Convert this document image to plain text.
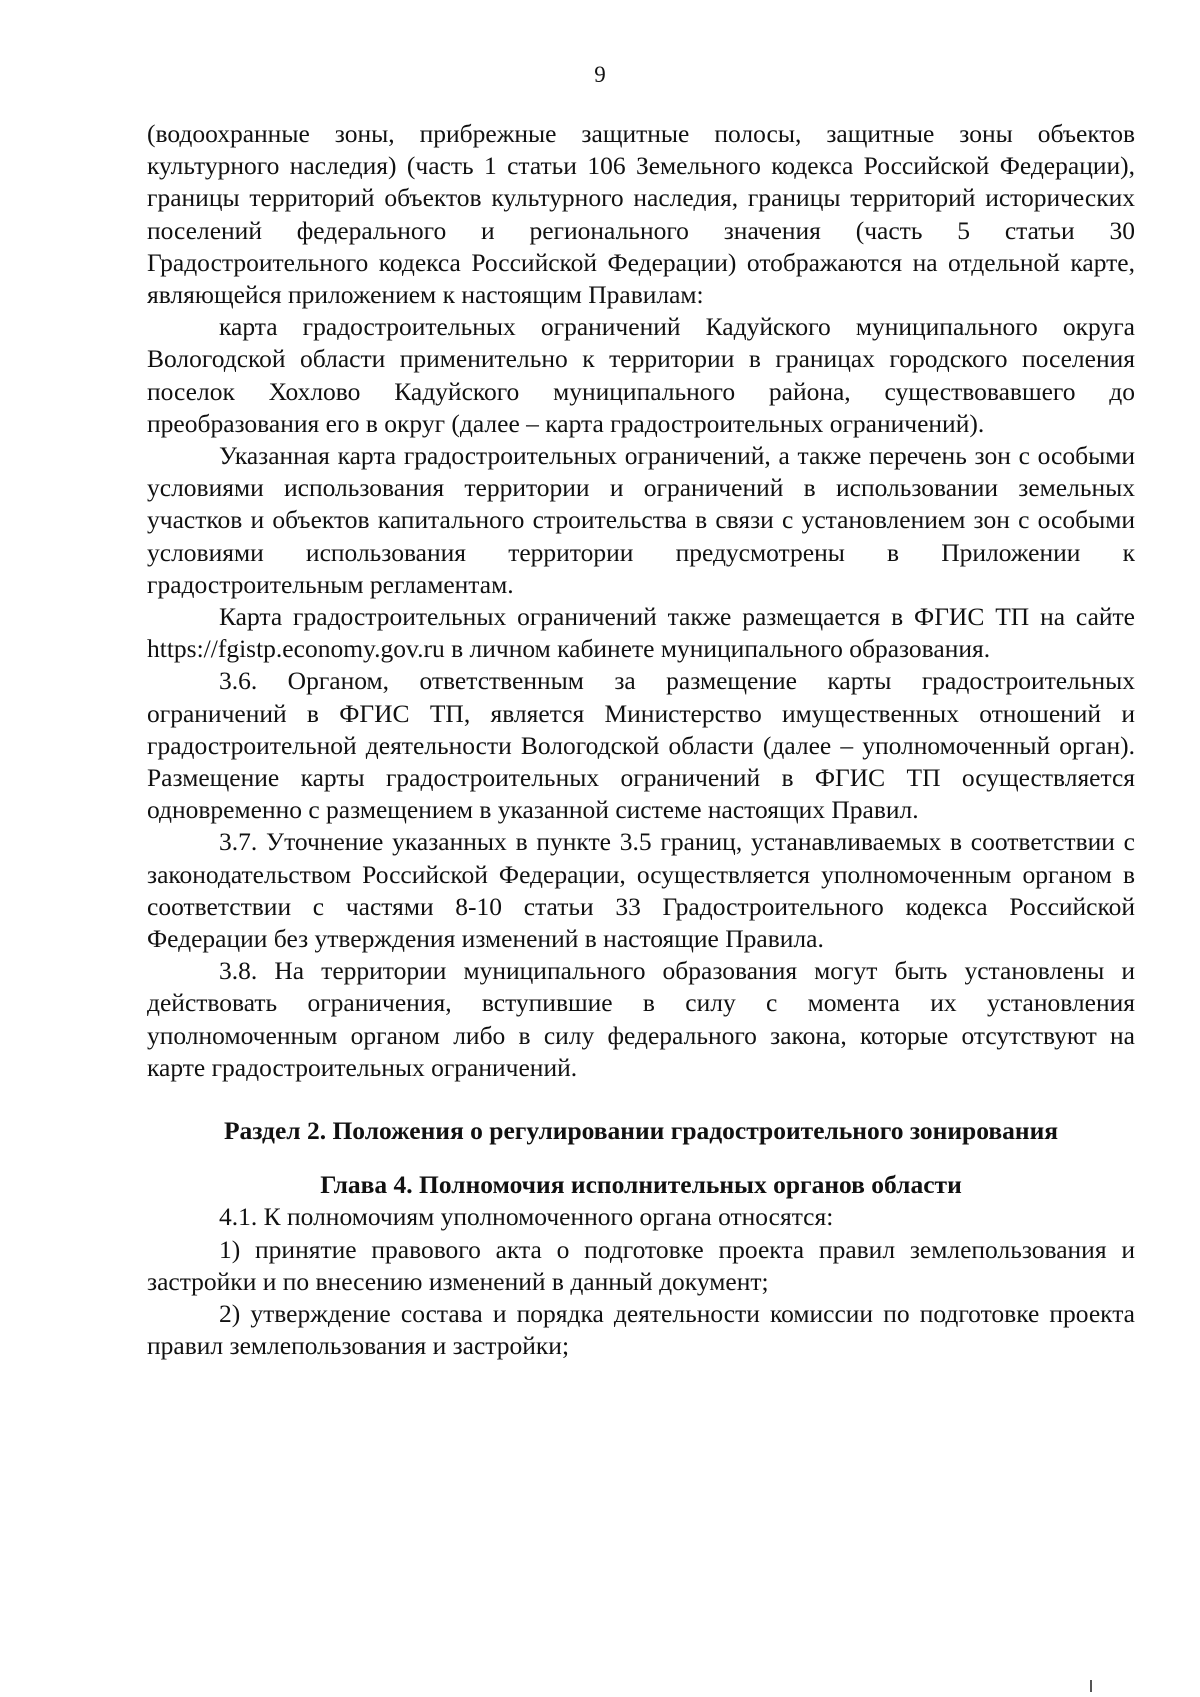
9

(водоохранные зоны, прибрежные защитные полосы, защитные зоны объектов культурного наследия) (часть 1 статьи 106 Земельного кодекса Российской Федерации), границы территорий объектов культурного наследия, границы территорий исторических поселений федерального и регионального значения (часть 5 статьи 30 Градостроительного кодекса Российской Федерации) отображаются на отдельной карте, являющейся приложением к настоящим Правилам:

карта градостроительных ограничений Кадуйского муниципального округа Вологодской области применительно к территории в границах городского поселения поселок Хохлово Кадуйского муниципального района, существовавшего до преобразования его в округ (далее – карта градостроительных ограничений).

Указанная карта градостроительных ограничений, а также перечень зон с особыми условиями использования территории и ограничений в использовании земельных участков и объектов капитального строительства в связи с установлением зон с особыми условиями использования территории предусмотрены в Приложении к градостроительным регламентам.

Карта градостроительных ограничений также размещается в ФГИС ТП на сайте https://fgistp.economy.gov.ru в личном кабинете муниципального образования.

3.6. Органом, ответственным за размещение карты градостроительных ограничений в ФГИС ТП, является Министерство имущественных отношений и градостроительной деятельности Вологодской области (далее – уполномоченный орган). Размещение карты градостроительных ограничений в ФГИС ТП осуществляется одновременно с размещением в указанной системе настоящих Правил.

3.7. Уточнение указанных в пункте 3.5 границ, устанавливаемых в соответствии с законодательством Российской Федерации, осуществляется уполномоченным органом в соответствии с частями 8-10 статьи 33 Градостроительного кодекса Российской Федерации без утверждения изменений в настоящие Правила.

3.8. На территории муниципального образования могут быть установлены и действовать ограничения, вступившие в силу с момента их установления уполномоченным органом либо в силу федерального закона, которые отсутствуют на карте градостроительных ограничений.

Раздел 2. Положения о регулировании градостроительного зонирования

Глава 4. Полномочия исполнительных органов области

4.1. К полномочиям уполномоченного органа относятся:

1) принятие правового акта о подготовке проекта правил землепользования и застройки и по внесению изменений в данный документ;

2) утверждение состава и порядка деятельности комиссии по подготовке проекта правил землепользования и застройки;
